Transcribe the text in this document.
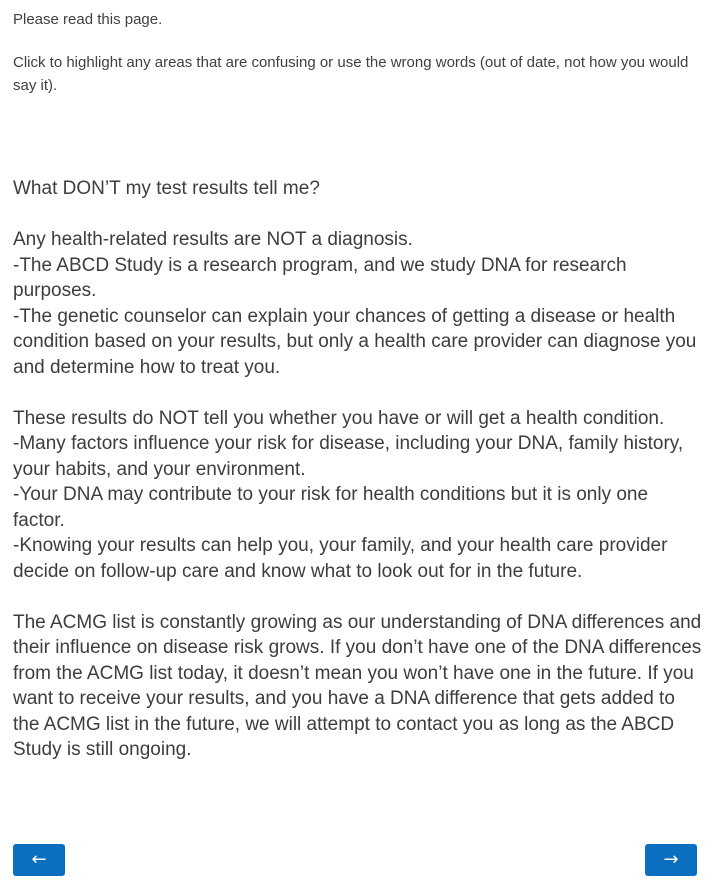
Please read this page.

Click to highlight any areas that are confusing or use the wrong words (out of date, not how you would say it).

What DON’T my test results tell me?

Any health-related results are NOT a diagnosis.

-The ABCD Study is a research program, and we study DNA for research purposes.

-The genetic counselor can explain your chances of getting a disease or health condition based on your results, but only a health care provider can diagnose you and determine how to treat you.

These results do NOT tell you whether you have or will get a health condition.

-Many factors influence your risk for disease, including your DNA, family history, your habits, and your environment.

-Your DNA may contribute to your risk for health conditions but it is only one factor.

-Knowing your results can help you, your family, and your health care provider decide on follow-up care and know what to look out for in the future.

The ACMG list is constantly growing as our understanding of DNA differences and their influence on disease risk grows. If you don’t have one of the DNA differences from the ACMG list today, it doesn’t mean you won’t have one in the future. If you want to receive your results, and you have a DNA difference that gets added to the ACMG list in the future, we will attempt to contact you as long as the ABCD Study is still ongoing.

←	→
